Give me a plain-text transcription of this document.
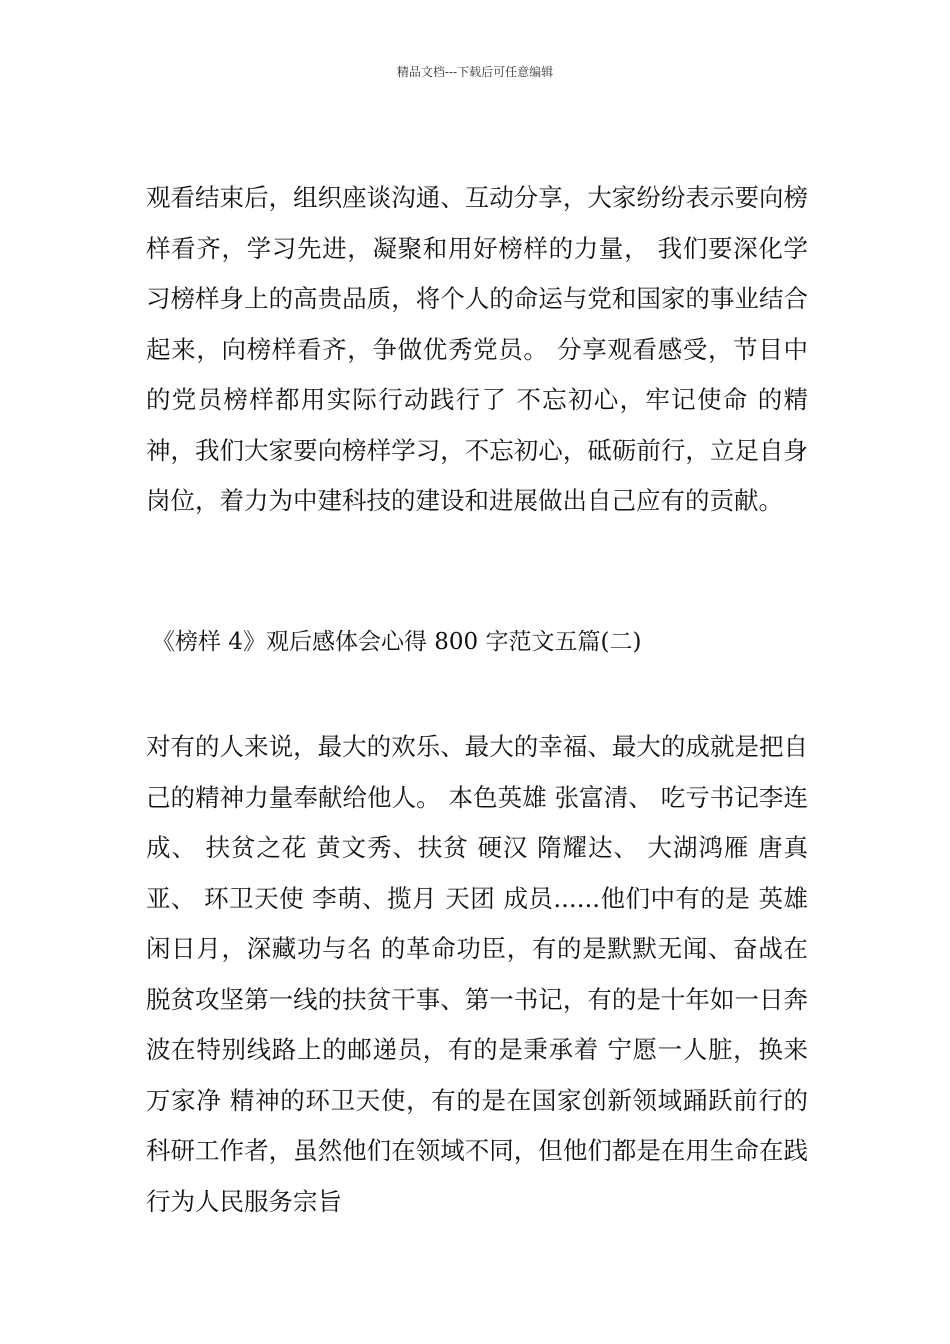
精品文档---下载后可任意编辑

观看结束后，组织座谈沟通、互动分享，大家纷纷表示要向榜样看齐，学习先进，凝聚和用好榜样的力量， 我们要深化学习榜样身上的高贵品质，将个人的命运与党和国家的事业结合起来，向榜样看齐，争做优秀党员。 分享观看感受，节目中的党员榜样都用实际行动践行了 不忘初心，牢记使命 的精神，我们大家要向榜样学习，不忘初心，砥砺前行，立足自身岗位，着力为中建科技的建设和进展做出自己应有的贡献。

《榜样 4》观后感体会心得 800 字范文五篇(二)

对有的人来说，最大的欢乐、最大的幸福、最大的成就是把自己的精神力量奉献给他人。 本色英雄 张富清、 吃亏书记李连成、 扶贫之花 黄文秀、扶贫 硬汉 隋耀达、 大湖鸿雁 唐真亚、 环卫天使 李萌、揽月 天团 成员......他们中有的是 英雄闲日月，深藏功与名 的革命功臣，有的是默默无闻、奋战在脱贫攻坚第一线的扶贫干事、第一书记，有的是十年如一日奔波在特别线路上的邮递员，有的是秉承着 宁愿一人脏，换来万家净 精神的环卫天使，有的是在国家创新领域踊跃前行的科研工作者，虽然他们在领域不同，但他们都是在用生命在践行为人民服务宗旨
